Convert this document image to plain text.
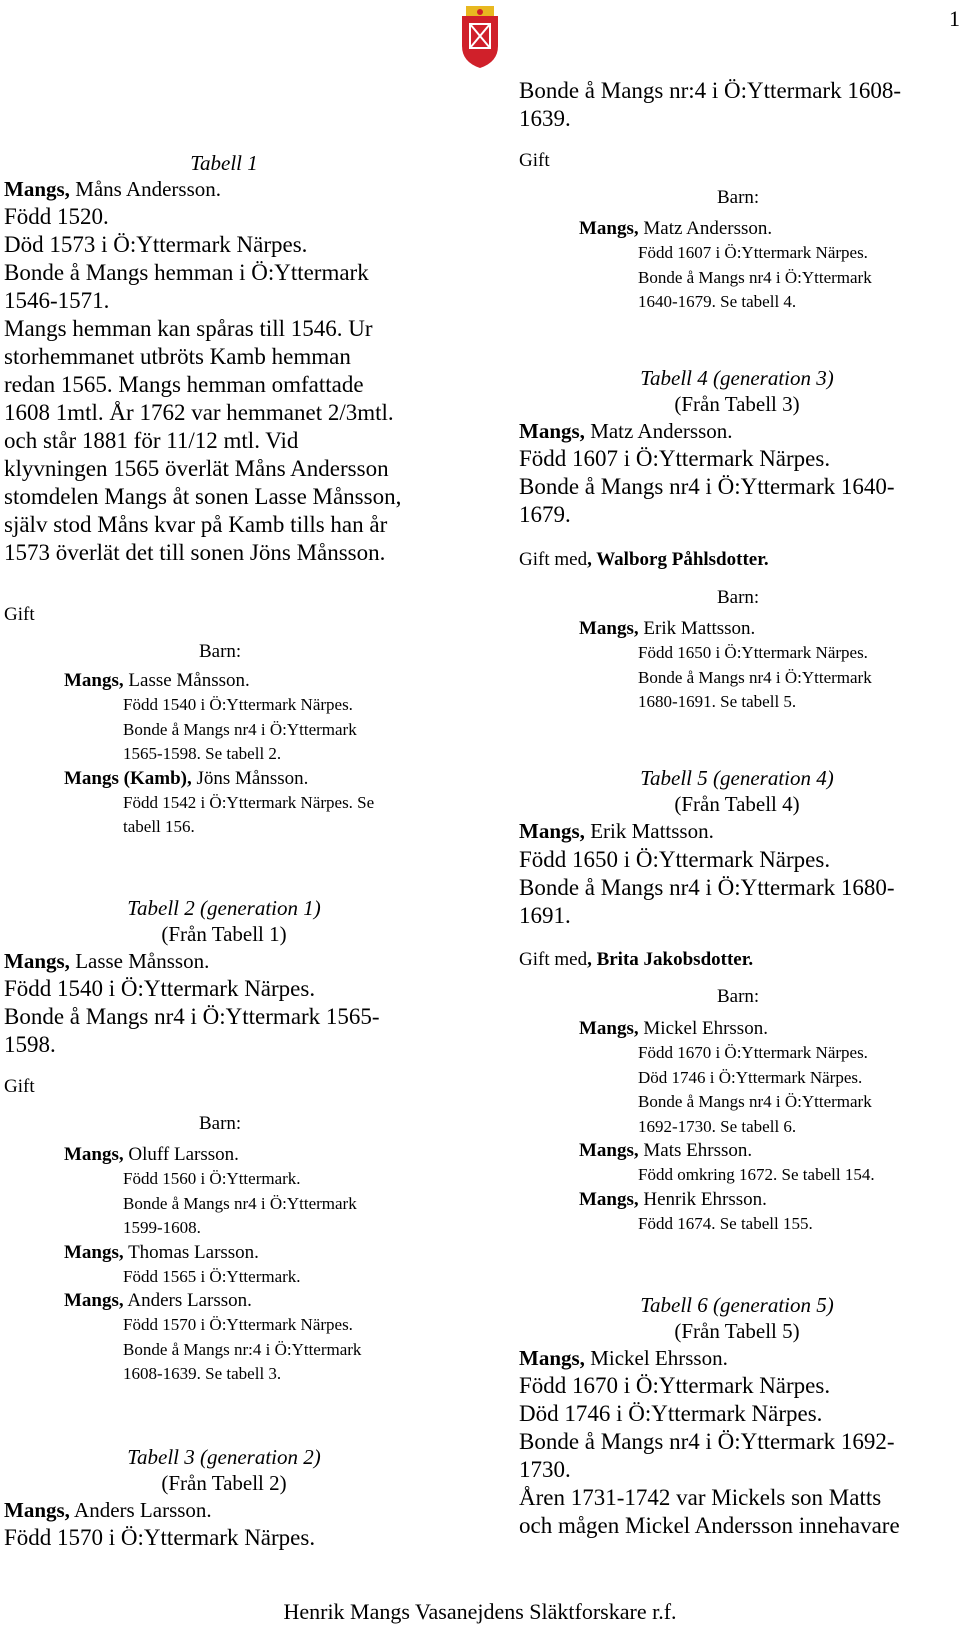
1
Tabell 1
Mangs, Måns Andersson.
Född 1520.
Död 1573 i Ö:Yttermark Närpes.
Bonde å Mangs hemman i Ö:Yttermark
1546-1571.
Mangs hemman kan spåras till 1546. Ur
storhemmanet utbröts Kamb hemman
redan 1565. Mangs hemman omfattade
1608 1mtl. År 1762 var hemmanet 2/3mtl.
och står 1881 för 11/12 mtl. Vid
klyvningen 1565 överlät Måns Andersson
stomdelen Mangs åt sonen Lasse Månsson,
själv stod Måns kvar på Kamb tills han år
1573 överlät det till sonen Jöns Månsson.
Gift
Barn:
Mangs, Lasse Månsson.
Född 1540 i Ö:Yttermark Närpes.
Bonde å Mangs nr4 i Ö:Yttermark
1565-1598. Se tabell 2.
Mangs (Kamb), Jöns Månsson.
Född 1542 i Ö:Yttermark Närpes. Se
tabell 156.
Tabell 2 (generation 1)
(Från Tabell 1)
Mangs, Lasse Månsson.
Född 1540 i Ö:Yttermark Närpes.
Bonde å Mangs nr4 i Ö:Yttermark 1565-
1598.
Gift
Barn:
Mangs, Oluff Larsson.
Född 1560 i Ö:Yttermark.
Bonde å Mangs nr4 i Ö:Yttermark
1599-1608.
Mangs, Thomas Larsson.
Född 1565 i Ö:Yttermark.
Mangs, Anders Larsson.
Född 1570 i Ö:Yttermark Närpes.
Bonde å Mangs nr:4 i Ö:Yttermark
1608-1639. Se tabell 3.
Tabell 3 (generation 2)
(Från Tabell 2)
Mangs, Anders Larsson.
Född 1570 i Ö:Yttermark Närpes.
Bonde å Mangs nr:4 i Ö:Yttermark 1608-
1639.
Gift
Barn:
Mangs, Matz Andersson.
Född 1607 i Ö:Yttermark Närpes.
Bonde å Mangs nr4 i Ö:Yttermark
1640-1679. Se tabell 4.
Tabell 4 (generation 3)
(Från Tabell 3)
Mangs, Matz Andersson.
Född 1607 i Ö:Yttermark Närpes.
Bonde å Mangs nr4 i Ö:Yttermark 1640-
1679.
Gift med, Walborg Påhlsdotter.
Barn:
Mangs, Erik Mattsson.
Född 1650 i Ö:Yttermark Närpes.
Bonde å Mangs nr4 i Ö:Yttermark
1680-1691. Se tabell 5.
Tabell 5 (generation 4)
(Från Tabell 4)
Mangs, Erik Mattsson.
Född 1650 i Ö:Yttermark Närpes.
Bonde å Mangs nr4 i Ö:Yttermark 1680-
1691.
Gift med, Brita Jakobsdotter.
Barn:
Mangs, Mickel Ehrsson.
Född 1670 i Ö:Yttermark Närpes.
Död 1746 i Ö:Yttermark Närpes.
Bonde å Mangs nr4 i Ö:Yttermark
1692-1730. Se tabell 6.
Mangs, Mats Ehrsson.
Född omkring 1672. Se tabell 154.
Mangs, Henrik Ehrsson.
Född 1674. Se tabell 155.
Tabell 6 (generation 5)
(Från Tabell 5)
Mangs, Mickel Ehrsson.
Född 1670 i Ö:Yttermark Närpes.
Död 1746 i Ö:Yttermark Närpes.
Bonde å Mangs nr4 i Ö:Yttermark 1692-
1730.
Åren 1731-1742 var Mickels son Matts
och mågen Mickel Andersson innehavare
Henrik Mangs Vasanejdens Släktforskare r.f.
